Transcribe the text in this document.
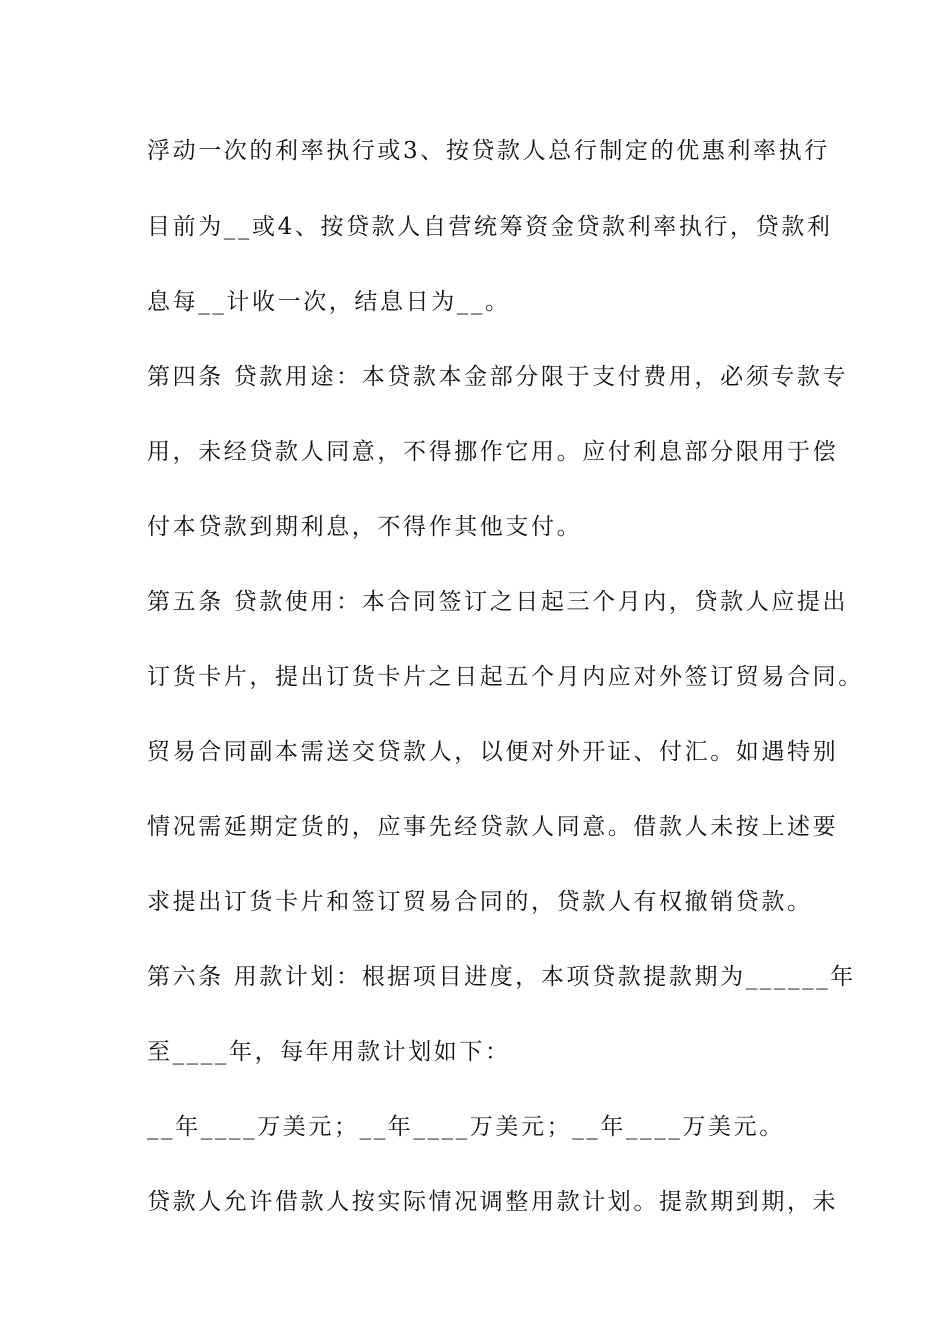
浮动一次的利率执行或3、按贷款人总行制定的优惠利率执行
目前为__或4、按贷款人自营统筹资金贷款利率执行，贷款利
息每__计收一次，结息日为__。
第四条 贷款用途：本贷款本金部分限于支付费用，必须专款专
用，未经贷款人同意，不得挪作它用。应付利息部分限用于偿
付本贷款到期利息，不得作其他支付。
第五条 贷款使用：本合同签订之日起三个月内，贷款人应提出
订货卡片，提出订货卡片之日起五个月内应对外签订贸易合同。
贸易合同副本需送交贷款人，以便对外开证、付汇。如遇特别
情况需延期定货的，应事先经贷款人同意。借款人未按上述要
求提出订货卡片和签订贸易合同的，贷款人有权撤销贷款。
第六条 用款计划：根据项目进度，本项贷款提款期为______年
至____年，每年用款计划如下：
__年____万美元；__年____万美元；__年____万美元。
贷款人允许借款人按实际情况调整用款计划。提款期到期，未
